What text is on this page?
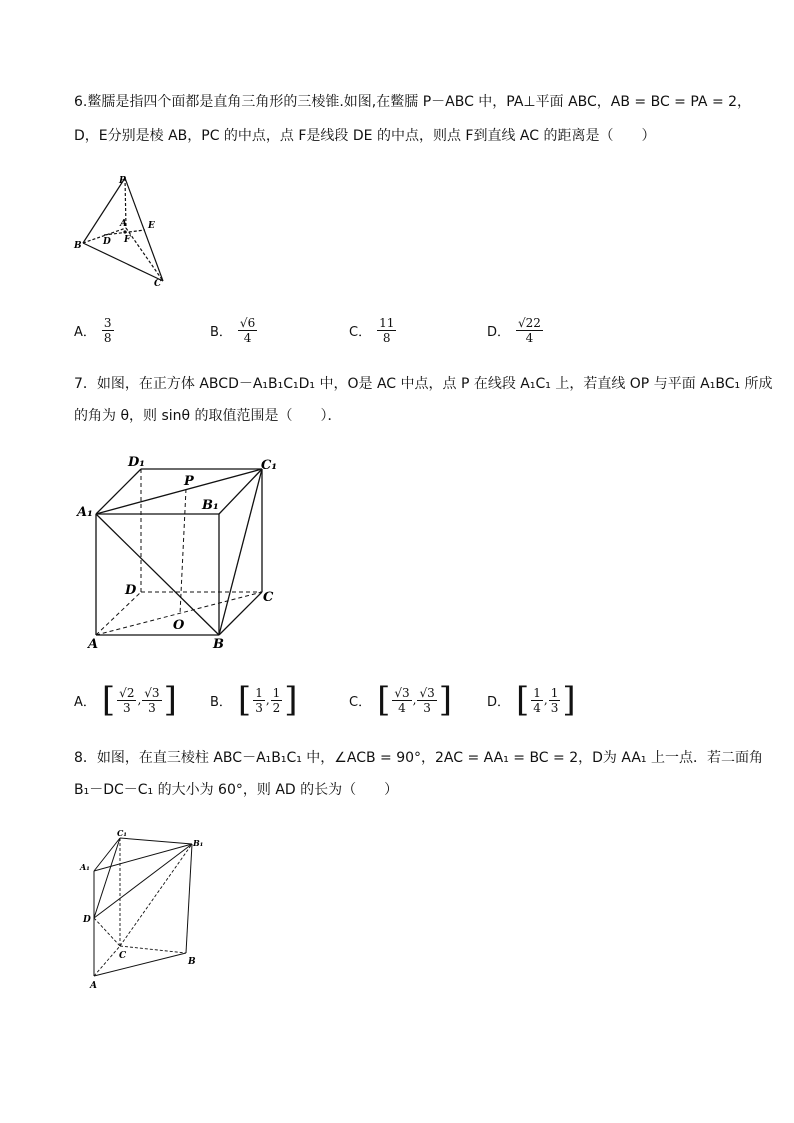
6.鳖臑是指四个面都是直角三角形的三棱锥.如图,在鳖臑 P－ABC 中，PA⊥平面 ABC，AB = BC = PA = 2，
D，E分别是棱 AB，PC 的中点，点 F是线段 DE 的中点，则点 F到直线 AC 的距离是（　　）
P
A E
B D F
C
A． $\frac{3}{8}$	B． $\frac{√6}{4}$	C． $\frac{11}{8}$	D． $\frac{√22}{4}$
7．如图，在正方体 ABCD－A₁B₁C₁D₁ 中，O是 AC 中点，点 P 在线段 A₁C₁ 上，若直线 OP 与平面 A₁BC₁ 所成
的角为 θ，则 sinθ 的取值范围是（　　）．
D₁	C₁
P
B₁
A₁
D	C
O
A	B
A． [ $\frac{√2}{3}$ , $\frac{√3}{3}$ ]	B． [ $\frac{1}{3}$ , $\frac{1}{2}$ ]	C． [ $\frac{√3}{4}$ , $\frac{√3}{3}$ ]	D． [ $\frac{1}{4}$ , $\frac{1}{3}$ ]
8．如图，在直三棱柱 ABC－A₁B₁C₁ 中，∠ACB = 90°，2AC = AA₁ = BC = 2，D为 AA₁ 上一点．若二面角
B₁－DC－C₁ 的大小为 60°，则 AD 的长为（　　）
C₁
B₁
A₁
D
C
B
A
